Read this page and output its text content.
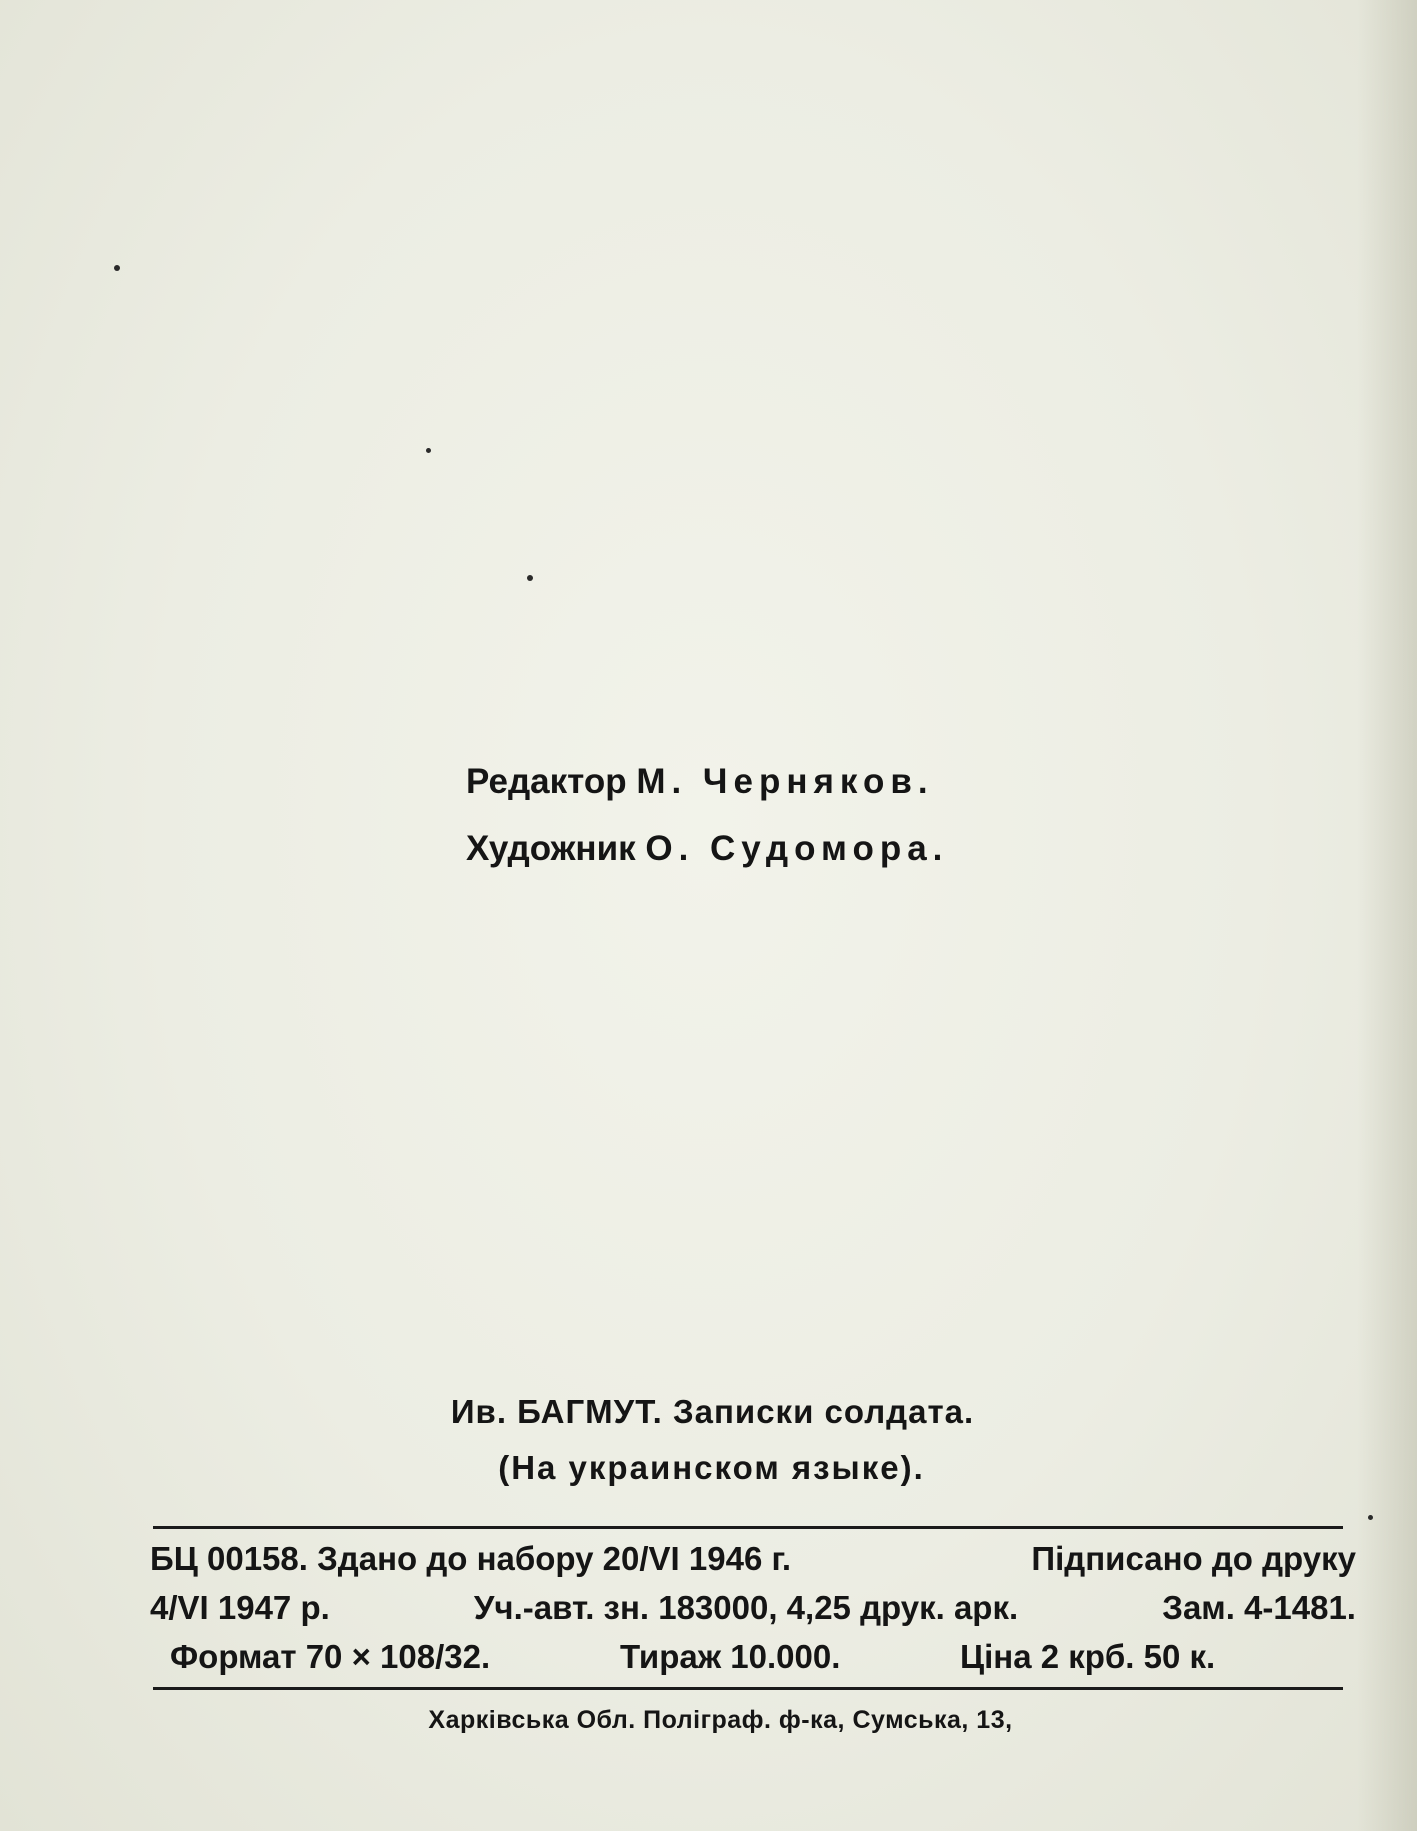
Редактор М. Черняков.
Художник О. Судомора.
Ив. БАГМУТ. Записки солдата.
(На украинском языке).
БЦ 00158. Здано до набору 20/VI 1946 г.	Підписано до друку
4/VI 1947 р.	Уч.-авт. зн. 183000, 4,25 друк. арк.	Зам. 4-1481.
Формат 70 × 108/32.	Тираж 10.000.	Ціна 2 крб. 50 к.
Харківська Обл. Поліграф. ф-ка, Сумська, 13,
